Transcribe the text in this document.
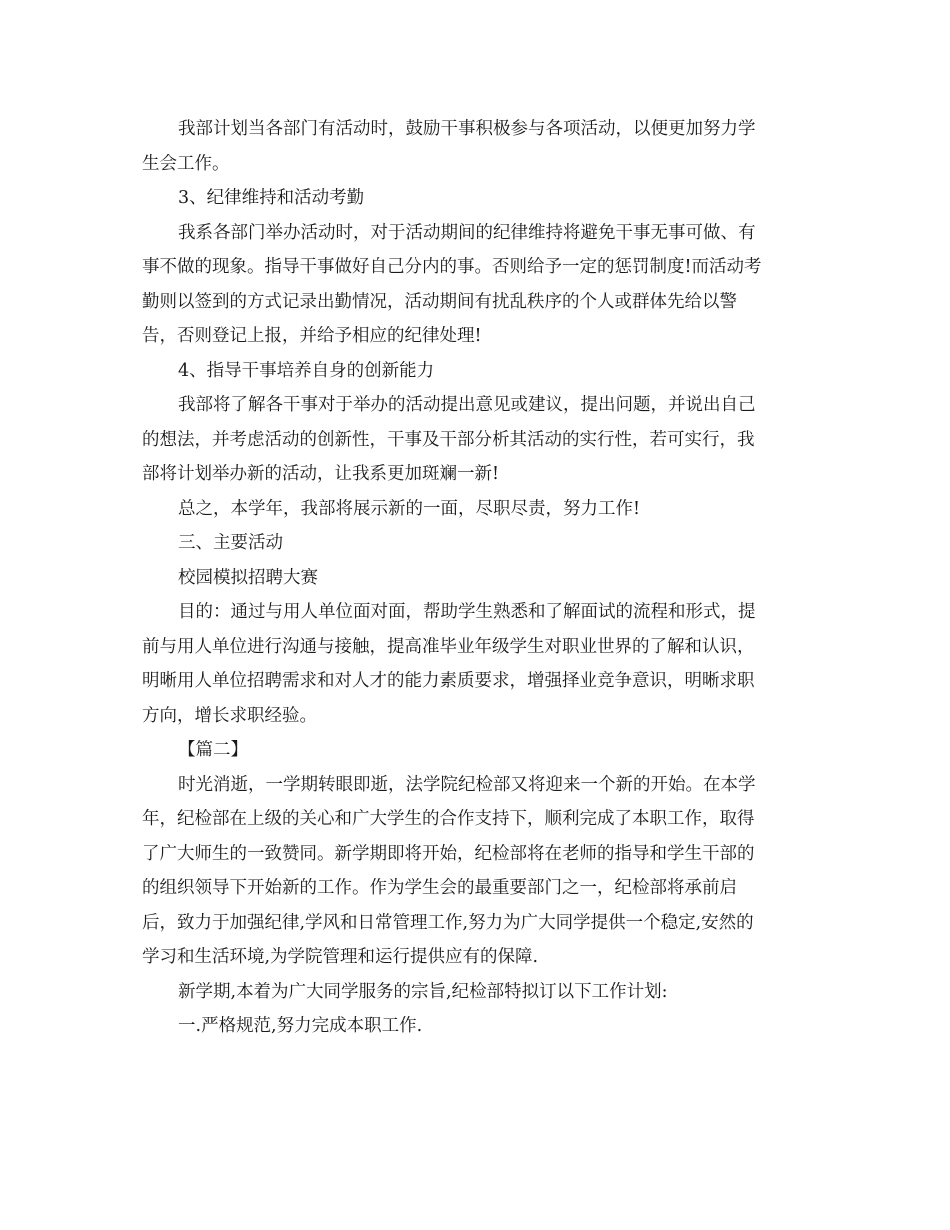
我部计划当各部门有活动时，鼓励干事积极参与各项活动，以便更加努力学
生会工作。
3、纪律维持和活动考勤
我系各部门举办活动时，对于活动期间的纪律维持将避免干事无事可做、有
事不做的现象。指导干事做好自己分内的事。否则给予一定的惩罚制度!而活动考
勤则以签到的方式记录出勤情况，活动期间有扰乱秩序的个人或群体先给以警
告，否则登记上报，并给予相应的纪律处理!
4、指导干事培养自身的创新能力
我部将了解各干事对于举办的活动提出意见或建议，提出问题，并说出自己
的想法，并考虑活动的创新性，干事及干部分析其活动的实行性，若可实行，我
部将计划举办新的活动，让我系更加斑斓一新!
总之，本学年，我部将展示新的一面，尽职尽责，努力工作!
三、主要活动
校园模拟招聘大赛
目的：通过与用人单位面对面，帮助学生熟悉和了解面试的流程和形式，提
前与用人单位进行沟通与接触，提高准毕业年级学生对职业世界的了解和认识，
明晰用人单位招聘需求和对人才的能力素质要求，增强择业竞争意识，明晰求职
方向，增长求职经验。
【篇二】
时光消逝，一学期转眼即逝，法学院纪检部又将迎来一个新的开始。在本学
年，纪检部在上级的关心和广大学生的合作支持下，顺利完成了本职工作，取得
了广大师生的一致赞同。新学期即将开始，纪检部将在老师的指导和学生干部的
的组织领导下开始新的工作。作为学生会的最重要部门之一，纪检部将承前启
后，致力于加强纪律,学风和日常管理工作,努力为广大同学提供一个稳定,安然的
学习和生活环境,为学院管理和运行提供应有的保障.
新学期,本着为广大同学服务的宗旨,纪检部特拟订以下工作计划:
一.严格规范,努力完成本职工作.
